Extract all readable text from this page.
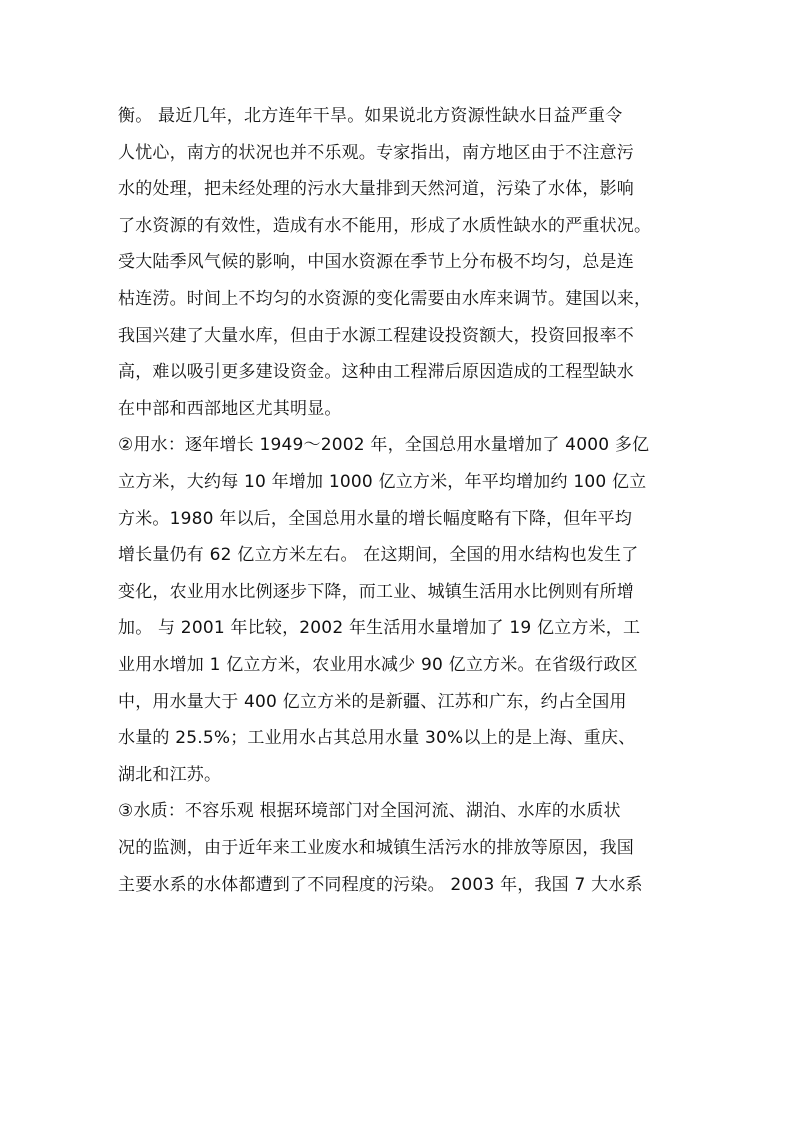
衡。 最近几年，北方连年干旱。如果说北方资源性缺水日益严重令
人忧心，南方的状况也并不乐观。专家指出，南方地区由于不注意污
水的处理，把未经处理的污水大量排到天然河道，污染了水体，影响
了水资源的有效性，造成有水不能用，形成了水质性缺水的严重状况。
受大陆季风气候的影响，中国水资源在季节上分布极不均匀，总是连
枯连涝。时间上不均匀的水资源的变化需要由水库来调节。建国以来，
我国兴建了大量水库，但由于水源工程建设投资额大，投资回报率不
高，难以吸引更多建设资金。这种由工程滞后原因造成的工程型缺水
在中部和西部地区尤其明显。
②用水：逐年增长 1949～2002 年，全国总用水量增加了 4000 多亿
立方米，大约每 10 年增加 1000 亿立方米，年平均增加约 100 亿立
方米。1980 年以后，全国总用水量的增长幅度略有下降，但年平均
增长量仍有 62 亿立方米左右。 在这期间，全国的用水结构也发生了
变化，农业用水比例逐步下降，而工业、城镇生活用水比例则有所增
加。 与 2001 年比较，2002 年生活用水量增加了 19 亿立方米，工
业用水增加 1 亿立方米，农业用水减少 90 亿立方米。在省级行政区
中，用水量大于 400 亿立方米的是新疆、江苏和广东，约占全国用
水量的 25.5%；工业用水占其总用水量 30%以上的是上海、重庆、
湖北和江苏。
③水质：不容乐观 根据环境部门对全国河流、湖泊、水库的水质状
况的监测，由于近年来工业废水和城镇生活污水的排放等原因，我国
主要水系的水体都遭到了不同程度的污染。 2003 年，我国 7 大水系
